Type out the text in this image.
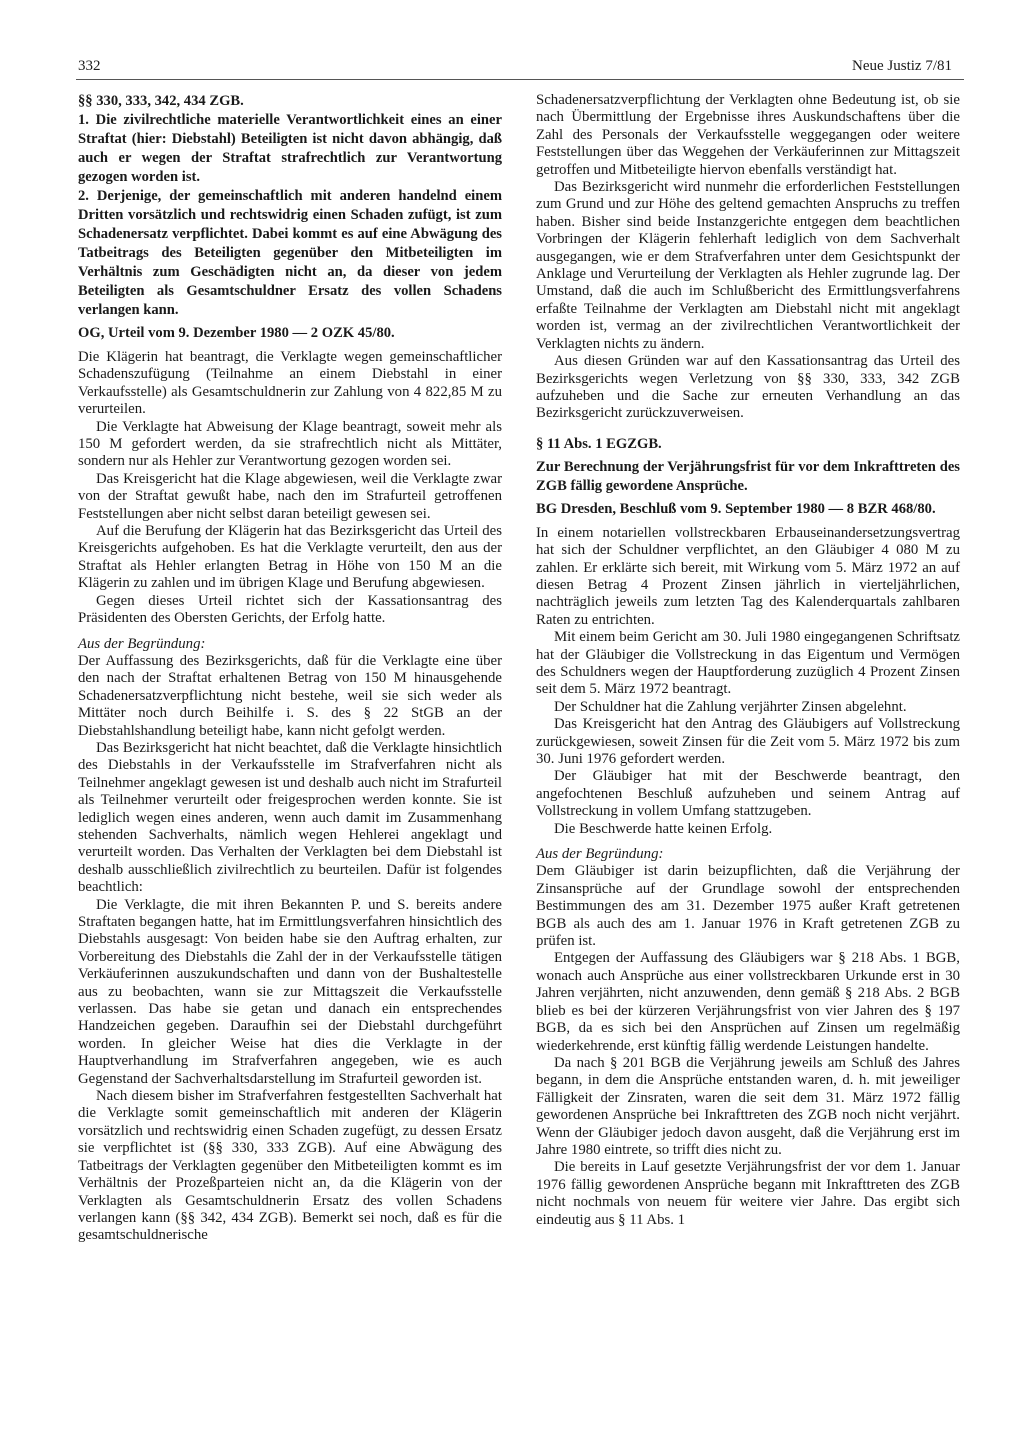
332	Neue Justiz 7/81

§§ 330, 333, 342, 434 ZGB.

1. Die zivilrechtliche materielle Verantwortlichkeit eines an einer Straftat (hier: Diebstahl) Beteiligten ist nicht davon abhängig, daß auch er wegen der Straftat strafrechtlich zur Verantwortung gezogen worden ist.

2. Derjenige, der gemeinschaftlich mit anderen handelnd einem Dritten vorsätzlich und rechtswidrig einen Schaden zufügt, ist zum Schadenersatz verpflichtet. Dabei kommt es auf eine Abwägung des Tatbeitrags des Beteiligten gegenüber den Mitbeteiligten im Verhältnis zum Geschädigten nicht an, da dieser von jedem Beteiligten als Gesamtschuldner Ersatz des vollen Schadens verlangen kann.

OG, Urteil vom 9. Dezember 1980 — 2 OZK 45/80.

Die Klägerin hat beantragt, die Verklagte wegen gemeinschaftlicher Schadenszufügung (Teilnahme an einem Diebstahl in einer Verkaufsstelle) als Gesamtschuldnerin zur Zahlung von 4 822,85 M zu verurteilen.

Die Verklagte hat Abweisung der Klage beantragt, soweit mehr als 150 M gefordert werden, da sie strafrechtlich nicht als Mittäter, sondern nur als Hehler zur Verantwortung gezogen worden sei.

Das Kreisgericht hat die Klage abgewiesen, weil die Verklagte zwar von der Straftat gewußt habe, nach den im Strafurteil getroffenen Feststellungen aber nicht selbst daran beteiligt gewesen sei.

Auf die Berufung der Klägerin hat das Bezirksgericht das Urteil des Kreisgerichts aufgehoben. Es hat die Verklagte verurteilt, den aus der Straftat als Hehler erlangten Betrag in Höhe von 150 M an die Klägerin zu zahlen und im übrigen Klage und Berufung abgewiesen.

Gegen dieses Urteil richtet sich der Kassationsantrag des Präsidenten des Obersten Gerichts, der Erfolg hatte.

Aus der Begründung:

Der Auffassung des Bezirksgerichts, daß für die Verklagte eine über den nach der Straftat erhaltenen Betrag von 150 M hinausgehende Schadenersatzverpflichtung nicht bestehe, weil sie sich weder als Mittäter noch durch Beihilfe i. S. des § 22 StGB an der Diebstahlshandlung beteiligt habe, kann nicht gefolgt werden.

Das Bezirksgericht hat nicht beachtet, daß die Verklagte hinsichtlich des Diebstahls in der Verkaufsstelle im Strafverfahren nicht als Teilnehmer angeklagt gewesen ist und deshalb auch nicht im Strafurteil als Teilnehmer verurteilt oder freigesprochen werden konnte. Sie ist lediglich wegen eines anderen, wenn auch damit im Zusammenhang stehenden Sachverhalts, nämlich wegen Hehlerei angeklagt und verurteilt worden. Das Verhalten der Verklagten bei dem Diebstahl ist deshalb ausschließlich zivilrechtlich zu beurteilen. Dafür ist folgendes beachtlich:

Die Verklagte, die mit ihren Bekannten P. und S. bereits andere Straftaten begangen hatte, hat im Ermittlungsverfahren hinsichtlich des Diebstahls ausgesagt: Von beiden habe sie den Auftrag erhalten, zur Vorbereitung des Diebstahls die Zahl der in der Verkaufsstelle tätigen Verkäuferinnen auszukundschaften und dann von der Bushaltestelle aus zu beobachten, wann sie zur Mittagszeit die Verkaufsstelle verlassen. Das habe sie getan und danach ein entsprechendes Handzeichen gegeben. Daraufhin sei der Diebstahl durchgeführt worden. In gleicher Weise hat dies die Verklagte in der Hauptverhandlung im Strafverfahren angegeben, wie es auch Gegenstand der Sachverhaltsdarstellung im Strafurteil geworden ist.

Nach diesem bisher im Strafverfahren festgestellten Sachverhalt hat die Verklagte somit gemeinschaftlich mit anderen der Klägerin vorsätzlich und rechtswidrig einen Schaden zugefügt, zu dessen Ersatz sie verpflichtet ist (§§ 330, 333 ZGB). Auf eine Abwägung des Tatbeitrags der Verklagten gegenüber den Mitbeteiligten kommt es im Verhältnis der Prozeßparteien nicht an, da die Klägerin von der Verklagten als Gesamtschuldnerin Ersatz des vollen Schadens verlangen kann (§§ 342, 434 ZGB). Bemerkt sei noch, daß es für die gesamtschuldnerische

Schadenersatzverpflichtung der Verklagten ohne Bedeutung ist, ob sie nach Übermittlung der Ergebnisse ihres Auskundschaftens über die Zahl des Personals der Verkaufsstelle weggegangen oder weitere Feststellungen über das Weggehen der Verkäuferinnen zur Mittagszeit getroffen und Mitbeteiligte hiervon ebenfalls verständigt hat.

Das Bezirksgericht wird nunmehr die erforderlichen Feststellungen zum Grund und zur Höhe des geltend gemachten Anspruchs zu treffen haben. Bisher sind beide Instanzgerichte entgegen dem beachtlichen Vorbringen der Klägerin fehlerhaft lediglich von dem Sachverhalt ausgegangen, wie er dem Strafverfahren unter dem Gesichtspunkt der Anklage und Verurteilung der Verklagten als Hehler zugrunde lag. Der Umstand, daß die auch im Schlußbericht des Ermittlungsverfahrens erfaßte Teilnahme der Verklagten am Diebstahl nicht mit angeklagt worden ist, vermag an der zivilrechtlichen Verantwortlichkeit der Verklagten nichts zu ändern.

Aus diesen Gründen war auf den Kassationsantrag das Urteil des Bezirksgerichts wegen Verletzung von §§ 330, 333, 342 ZGB aufzuheben und die Sache zur erneuten Verhandlung an das Bezirksgericht zurückzuverweisen.

§ 11 Abs. 1 EGZGB.

Zur Berechnung der Verjährungsfrist für vor dem Inkrafttreten des ZGB fällig gewordene Ansprüche.

BG Dresden, Beschluß vom 9. September 1980 — 8 BZR 468/80.

In einem notariellen vollstreckbaren Erbauseinandersetzungsvertrag hat sich der Schuldner verpflichtet, an den Gläubiger 4 080 M zu zahlen. Er erklärte sich bereit, mit Wirkung vom 5. März 1972 an auf diesen Betrag 4 Prozent Zinsen jährlich in vierteljährlichen, nachträglich jeweils zum letzten Tag des Kalenderquartals zahlbaren Raten zu entrichten.

Mit einem beim Gericht am 30. Juli 1980 eingegangenen Schriftsatz hat der Gläubiger die Vollstreckung in das Eigentum und Vermögen des Schuldners wegen der Hauptforderung zuzüglich 4 Prozent Zinsen seit dem 5. März 1972 beantragt.

Der Schuldner hat die Zahlung verjährter Zinsen abgelehnt.

Das Kreisgericht hat den Antrag des Gläubigers auf Vollstreckung zurückgewiesen, soweit Zinsen für die Zeit vom 5. März 1972 bis zum 30. Juni 1976 gefordert werden.

Der Gläubiger hat mit der Beschwerde beantragt, den angefochtenen Beschluß aufzuheben und seinem Antrag auf Vollstreckung in vollem Umfang stattzugeben.

Die Beschwerde hatte keinen Erfolg.

Aus der Begründung:

Dem Gläubiger ist darin beizupflichten, daß die Verjährung der Zinsansprüche auf der Grundlage sowohl der entsprechenden Bestimmungen des am 31. Dezember 1975 außer Kraft getretenen BGB als auch des am 1. Januar 1976 in Kraft getretenen ZGB zu prüfen ist.

Entgegen der Auffassung des Gläubigers war § 218 Abs. 1 BGB, wonach auch Ansprüche aus einer vollstreckbaren Urkunde erst in 30 Jahren verjährten, nicht anzuwenden, denn gemäß § 218 Abs. 2 BGB blieb es bei der kürzeren Verjährungsfrist von vier Jahren des § 197 BGB, da es sich bei den Ansprüchen auf Zinsen um regelmäßig wiederkehrende, erst künftig fällig werdende Leistungen handelte.

Da nach § 201 BGB die Verjährung jeweils am Schluß des Jahres begann, in dem die Ansprüche entstanden waren, d. h. mit jeweiliger Fälligkeit der Zinsraten, waren die seit dem 31. März 1972 fällig gewordenen Ansprüche bei Inkrafttreten des ZGB noch nicht verjährt. Wenn der Gläubiger jedoch davon ausgeht, daß die Verjährung erst im Jahre 1980 eintrete, so trifft dies nicht zu.

Die bereits in Lauf gesetzte Verjährungsfrist der vor dem 1. Januar 1976 fällig gewordenen Ansprüche begann mit Inkrafttreten des ZGB nicht nochmals von neuem für weitere vier Jahre. Das ergibt sich eindeutig aus § 11 Abs. 1
